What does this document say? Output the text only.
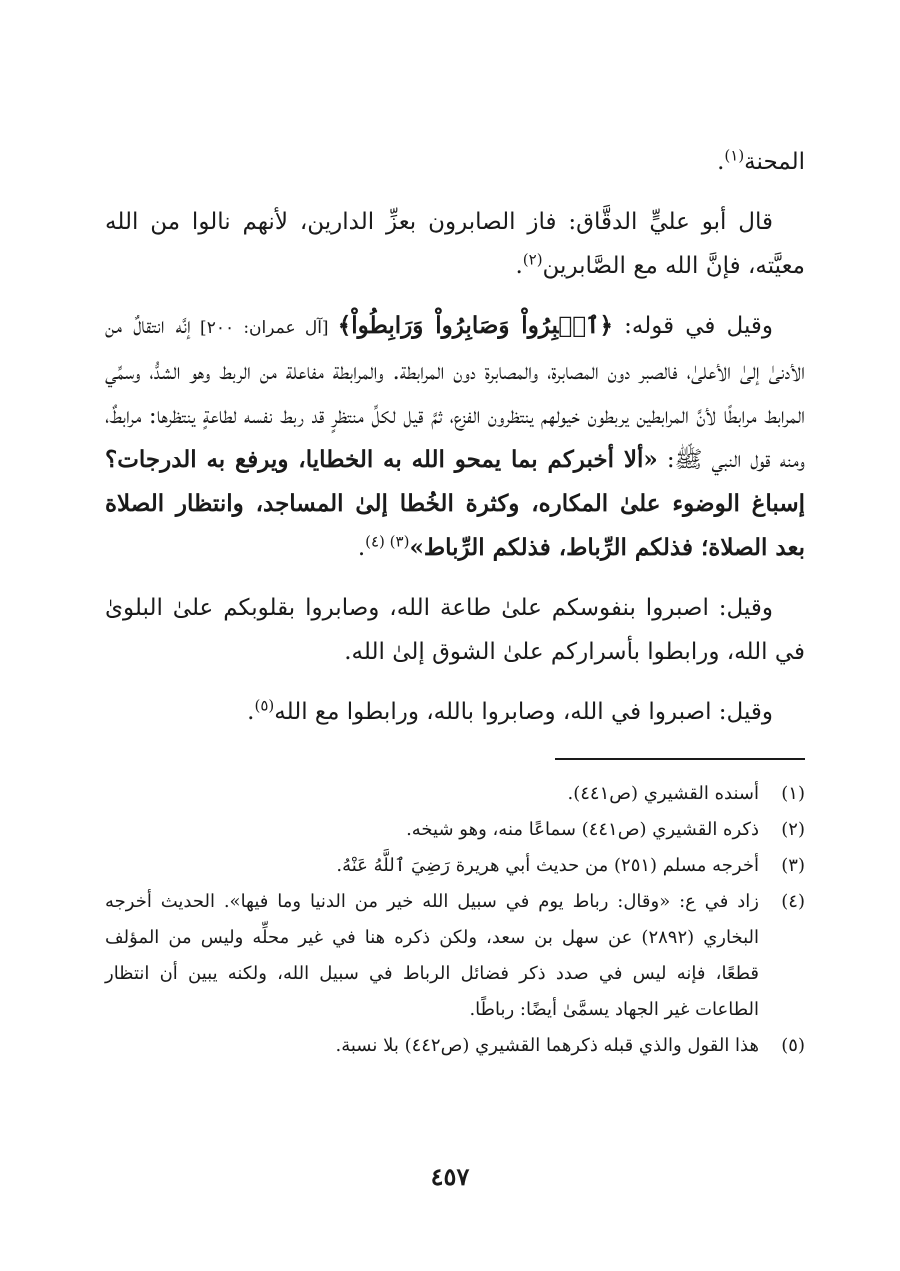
المحنة$^{(١)}$.

قال أبو عليٍّ الدقَّاق: فاز الصابرون بعزِّ الدارين، لأنهم نالوا من الله معيَّته، فإنَّ الله مع الصَّابرين$^{(٢)}$.

وقيل في قوله: ﴿ٱصۡبِرُواْ وَصَابِرُواْ وَرَابِطُواْ﴾ [آل عمران: ٢٠٠] إنَّه انتقالٌ من الأدنىٰ إلىٰ الأعلىٰ، فالصبر دون المصابرة، والمصابرة دون المرابطة. والمرابطة مفاعلة من الربط وهو الشدُّ، وسمِّي المرابط مرابطًا لأنَّ المرابطين يربطون خيولهم ينتظرون الفزع، ثمَّ قيل لكلِّ منتظرٍ قد ربط نفسه لطاعةٍ ينتظرها: مرابطٌ، ومنه قول النبي ﷺ: «ألا أخبركم بما يمحو الله به الخطايا، ويرفع به الدرجات؟ إسباغ الوضوء علىٰ المكاره، وكثرة الخُطا إلىٰ المساجد، وانتظار الصلاة بعد الصلاة؛ فذلكم الرِّباط، فذلكم الرِّباط»$^{(٣) (٤)}$.

وقيل: اصبروا بنفوسكم علىٰ طاعة الله، وصابروا بقلوبكم علىٰ البلوىٰ في الله، ورابطوا بأسراركم علىٰ الشوق إلىٰ الله.

وقيل: اصبروا في الله، وصابروا بالله، ورابطوا مع الله$^{(٥)}$.

(١)
أسنده القشيري (ص٤٤١).
(٢)
ذكره القشيري (ص٤٤١) سماعًا منه، وهو شيخه.
(٣)
أخرجه مسلم (٢٥١) من حديث أبي هريرة رَضِيَ ٱللَّهُ عَنْهُ.
(٤)
زاد في ع: «وقال: رباط يوم في سبيل الله خير من الدنيا وما فيها». الحديث أخرجه البخاري (٢٨٩٢) عن سهل بن سعد، ولكن ذكره هنا في غير محلِّه وليس من المؤلف قطعًا، فإنه ليس في صدد ذكر فضائل الرباط في سبيل الله، ولكنه يبين أن انتظار الطاعات غير الجهاد يسمَّىٰ أيضًا: رباطًا.
(٥)
هذا القول والذي قبله ذكرهما القشيري (ص٤٤٢) بلا نسبة.
٤٥٧
